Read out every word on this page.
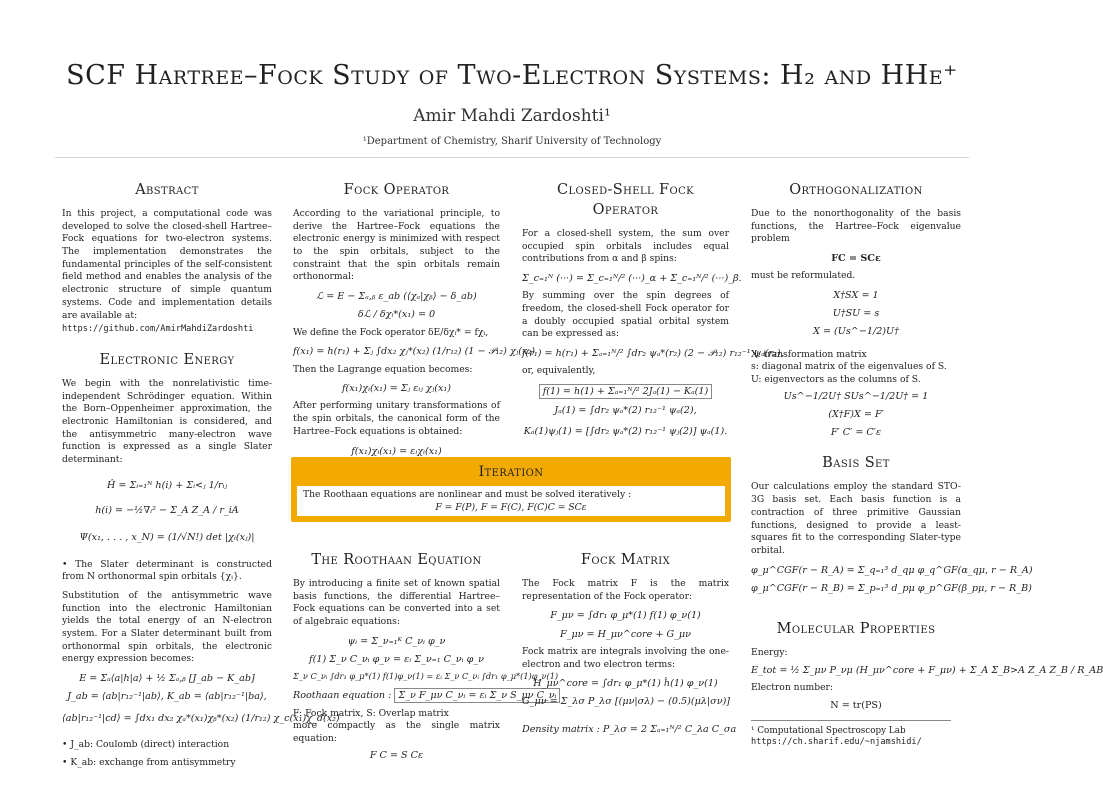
SCF Hartree–Fock Study of Two-Electron Systems: H₂ and HHe⁺
Amir Mahdi Zardoshti¹
¹Department of Chemistry, Sharif University of Technology
Abstract

In this project, a computational code was developed to solve the closed-shell Hartree–Fock equations for two-electron systems. The implementation demonstrates the fundamental principles of the self-consistent field method and enables the analysis of the electronic structure of simple quantum systems. Code and implementation details are available at:

https://github.com/AmirMahdiZardoshti

Electronic Energy

We begin with the nonrelativistic time-independent Schrödinger equation. Within the Born–Oppenheimer approximation, the electronic Hamiltonian is considered, and the antisymmetric many-electron wave function is expressed as a single Slater determinant:

Ĥ = Σᵢ₌₁ᴺ h(i) + Σᵢ<ⱼ 1/rᵢⱼ
h(i) = −½∇ᵢ² − Σ_A Z_A / r_iA
Ψ(x₁, . . . , x_N) = (1/√N!) det |χᵢ(xⱼ)|

• The Slater determinant is constructed from N orthonormal spin orbitals {χᵢ}.

Substitution of the antisymmetric wave function into the electronic Hamiltonian yields the total energy of an N-electron system. For a Slater determinant built from orthonormal spin orbitals, the electronic energy expression becomes:

E = Σₐ⟨a|h|a⟩ + ½ Σₐ,ᵦ [J_ab − K_ab]
J_ab = ⟨ab|r₁₂⁻¹|ab⟩, K_ab = ⟨ab|r₁₂⁻¹|ba⟩,
⟨ab|r₁₂⁻¹|cd⟩ = ∫dx₁ dx₂ χₐ*(x₁)χᵦ*(x₂) (1/r₁₂) χ_c(x₁)χ_d(x₂)

• J_ab: Coulomb (direct) interaction

• K_ab: exchange from antisymmetry

Fock Operator

According to the variational principle, to derive the Hartree–Fock equations the electronic energy is minimized with respect to the spin orbitals, subject to the constraint that the spin orbitals remain orthonormal:

ℒ = E − Σₐ,ᵦ ε_ab (⟨χₐ|χᵦ⟩ − δ_ab)
δℒ / δχᵢ*(x₁) = 0

We define the Fock operator δE/δχᵢ* = fχᵢ,

f(x₁) = h(r₁) + Σⱼ ∫dx₂ χⱼ*(x₂) (1/r₁₂) (1 − 𝒫₁₂) χⱼ(x₂)

Then the Lagrange equation becomes:

f(x₁)χᵢ(x₁) = Σⱼ εᵢⱼ χⱼ(x₁)

After performing unitary transformations of the spin orbitals, the canonical form of the Hartree–Fock equations is obtained:

f(x₁)χᵢ(x₁) = εᵢχᵢ(x₁)
Closed-Shell Fock Operator

For a closed-shell system, the sum over occupied spin orbitals includes equal contributions from α and β spins:

Σ_c₌₁ᴺ (···) = Σ_c₌₁ᴺ/² (···)_α + Σ_c₌₁ᴺ/² (···)_β.

By summing over the spin degrees of freedom, the closed-shell Fock operator for a doubly occupied spatial orbital system can be expressed as:

f(r₁) = h(r₁) + Σₐ₌₁ᴺ/² ∫dr₂ ψₐ*(r₂) (2 − 𝒫₁₂) r₁₂⁻¹ ψₐ(r₂),

or, equivalently,

f(1) = h(1) + Σₐ₌₁ᴺ/² 2Jₐ(1) − Kₐ(1)
Jₐ(1) = ∫dr₂ ψₐ*(2) r₁₂⁻¹ ψₐ(2),
Kₐ(1)ψⱼ(1) = [∫dr₂ ψₐ*(2) r₁₂⁻¹ ψⱼ(2)] ψₐ(1).
Orthogonalization

Due to the nonorthogonality of the basis functions, the Hartree–Fock eigenvalue problem

FC = SCε

must be reformulated.

X†SX = 1
U†SU = s
X = (Us^−1/2)U†

X: transformation matrix

s: diagonal matrix of the eigenvalues of S.

U: eigenvectors as the columns of S.

Us^−1/2U† SUs^−1/2U† = 1
(X†F)X = F′
F′ C′ = C′ε
Basis Set

Our calculations employ the standard STO-3G basis set. Each basis function is a contraction of three primitive Gaussian functions, designed to provide a least-squares fit to the corresponding Slater-type orbital.

φ_μ^CGF(r − R_A) = Σ_q₌₁³ d_qμ φ_q^GF(α_qμ, r − R_A)
φ_μ^CGF(r − R_B) = Σ_p₌₁³ d_pμ φ_p^GF(β_pμ, r − R_B)
Molecular Properties

Energy:

E_tot = ½ Σ_μν P_νμ (H_μν^core + F_μν) + Σ_A Σ_B>A Z_A Z_B / R_AB

Electron number:

N = tr(PS)

¹ Computational Spectroscopy Lab

https://ch.sharif.edu/~njamshidi/

Iteration
The Roothaan equations are nonlinear and must be solved iteratively :
F = F(P), F = F(C), F(C)C = SCε
The Roothaan Equation

By introducing a finite set of known spatial basis functions, the differential Hartree–Fock equations can be converted into a set of algebraic equations:

ψᵢ = Σ_ν₌₁ᴷ C_νᵢ φ_ν
f(1) Σ_ν C_νᵢ φ_ν = εᵢ Σ_ν₌₁ C_νᵢ φ_ν
Σ_ν C_νᵢ ∫dr₁ φ_μ*(1) f(1)φ_ν(1) = εᵢ Σ_ν C_νᵢ ∫dr₁ φ_μ*(1)φ_ν(1)
Roothaan equation : Σ_ν F_μν C_νᵢ = εᵢ Σ_ν S_μν C_νᵢ

F: Fock matrix, S: Overlap matrix

more compactly as the single matrix equation:

F C = S Cε
Fock Matrix

The Fock matrix F is the matrix representation of the Fock operator:

F_μν = ∫dr₁ φ_μ*(1) f(1) φ_ν(1)
F_μν = H_μν^core + G_μν

Fock matrix are integrals involving the one-electron and two electron terms:

H_μν^core = ∫dr₁ φ_μ*(1) ĥ(1) φ_ν(1)
G_μν = Σ_λσ P_λσ [(μν|σλ) − (0.5)(μλ|σν)]
Density matrix : P_λσ = 2 Σₐ₌₁ᴺ/² C_λa C_σa
